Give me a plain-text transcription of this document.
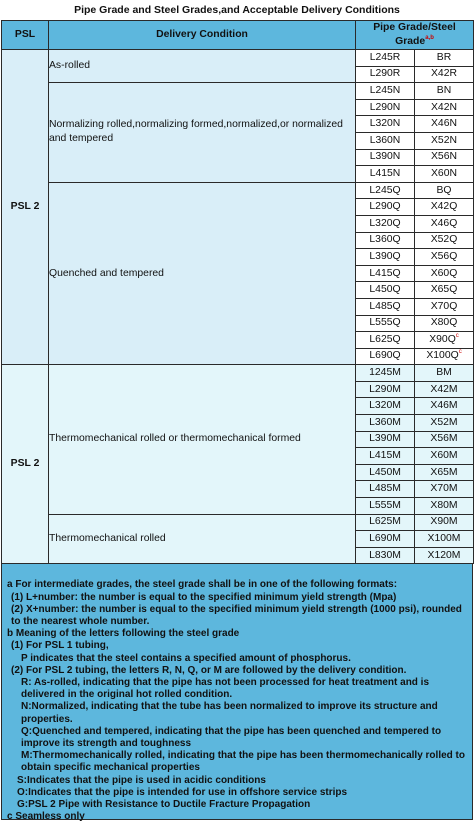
Pipe Grade and Steel Grades,and Acceptable Delivery Conditions
PSL	Delivery Condition	Pipe Grade/Steel Grade$^{a,b}$
PSL 2	As-rolled	L245R	BR
		L290R	X42R
	Normalizing rolled,normalizing formed,normalized,or normalized and tempered	L245N	BN
		L290N	X42N
		L320N	X46N
		L360N	X52N
		L390N	X56N
		L415N	X60N
	Quenched and tempered	L245Q	BQ
		L290Q	X42Q
		L320Q	X46Q
		L360Q	X52Q
		L390Q	X56Q
		L415Q	X60Q
		L450Q	X65Q
		L485Q	X70Q
		L555Q	X80Q
		L625Q	$X90Q^c$
		L690Q	$X100Q^c$
PSL 2	Thermomechanical rolled or thermomechanical formed	1245M	BM
		L290M	X42M
		L320M	X46M
		L360M	X52M
		L390M	X56M
		L415M	X60M
		L450M	X65M
		L485M	X70M
		L555M	X80M
	Thermomechanical rolled	L625M	X90M
		L690M	X100M
		L830M	X120M
a For intermediate grades, the steel grade shall be in one of the following formats:
(1) L+number: the number is equal to the specified minimum yield strength (Mpa)
(2) X+number: the number is equal to the specified minimum yield strength (1000 psi), rounded to the nearest whole number.
b Meaning of the letters following the steel grade
(1) For PSL 1 tubing,
P indicates that the steel contains a specified amount of phosphorus.
(2) For PSL 2 tubing, the letters R, N, Q, or M are followed by the delivery condition.
R: As-rolled, indicating that the pipe has not been processed for heat treatment and is delivered in the original hot rolled condition.
N:Normalized, indicating that the tube has been normalized to improve its structure and properties.
Q:Quenched and tempered, indicating that the pipe has been quenched and tempered to improve its strength and toughness
M:Thermomechanically rolled, indicating that the pipe has been thermomechanically rolled to obtain specific mechanical properties
S:Indicates that the pipe is used in acidic conditions
O:Indicates that the pipe is intended for use in offshore service strips
G:PSL 2 Pipe with Resistance to Ductile Fracture Propagation
c Seamless only
